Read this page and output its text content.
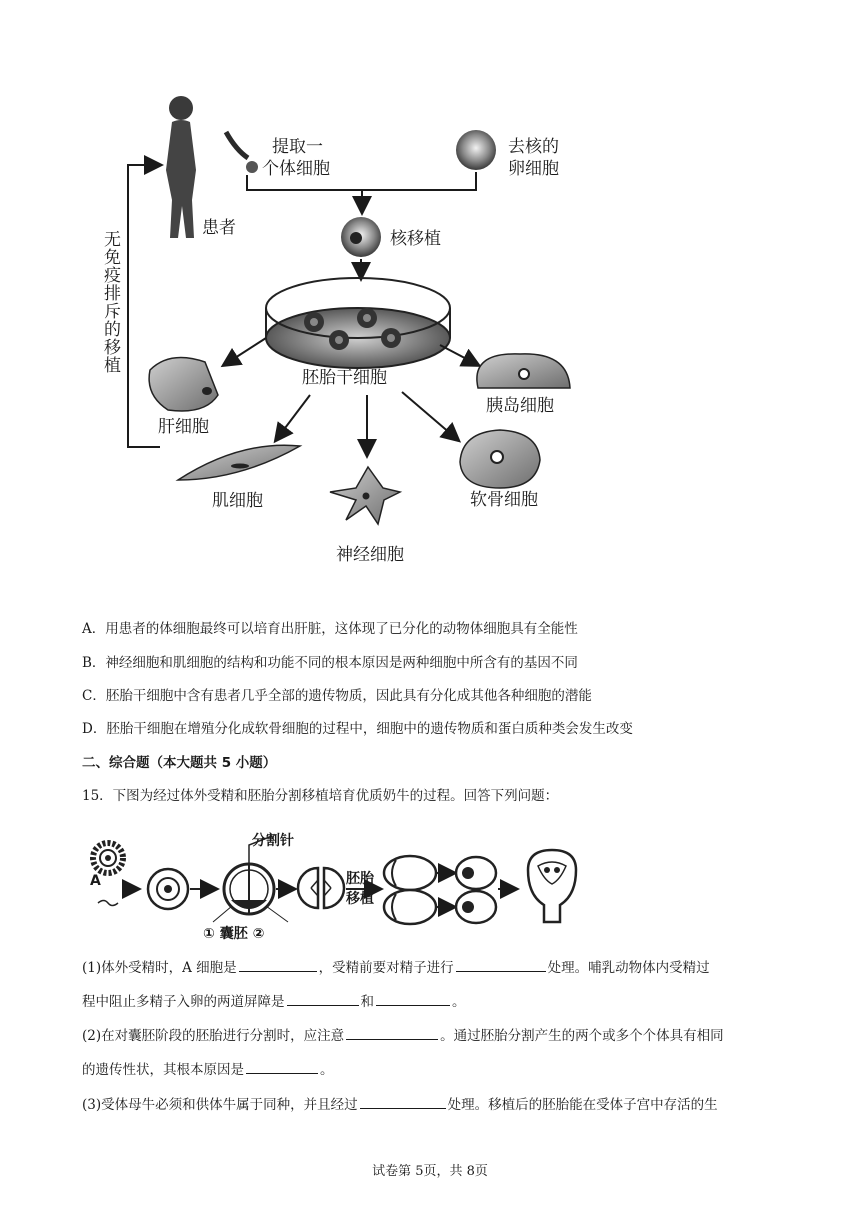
患者
无免疫排斥的移植
提取一
个体细胞
去核的
卵细胞
核移植
胚胎干细胞
肝细胞
胰岛细胞
肌细胞
神经细胞
软骨细胞
A．用患者的体细胞最终可以培育出肝脏，这体现了已分化的动物体细胞具有全能性
B．神经细胞和肌细胞的结构和功能不同的根本原因是两种细胞中所含有的基因不同
C．胚胎干细胞中含有患者几乎全部的遗传物质，因此具有分化成其他各种细胞的潜能
D．胚胎干细胞在增殖分化成软骨细胞的过程中，细胞中的遗传物质和蛋白质种类会发生改变
二、综合题（本大题共 5 小题）
15．下图为经过体外受精和胚胎分割移植培育优质奶牛的过程。回答下列问题：
A
分割针
① 囊胚 ②
胚胎
移植
(1)体外受精时，A 细胞是	，受精前要对精子进行	处理。哺乳动物体内受精过
程中阻止多精子入卵的两道屏障是	和	。
(2)在对囊胚阶段的胚胎进行分割时，应注意	。通过胚胎分割产生的两个或多个个体具有相同
的遗传性状，其根本原因是	。
(3)受体母牛必须和供体牛属于同种，并且经过	处理。移植后的胚胎能在受体子宫中存活的生
试卷第 5页，共 8页
